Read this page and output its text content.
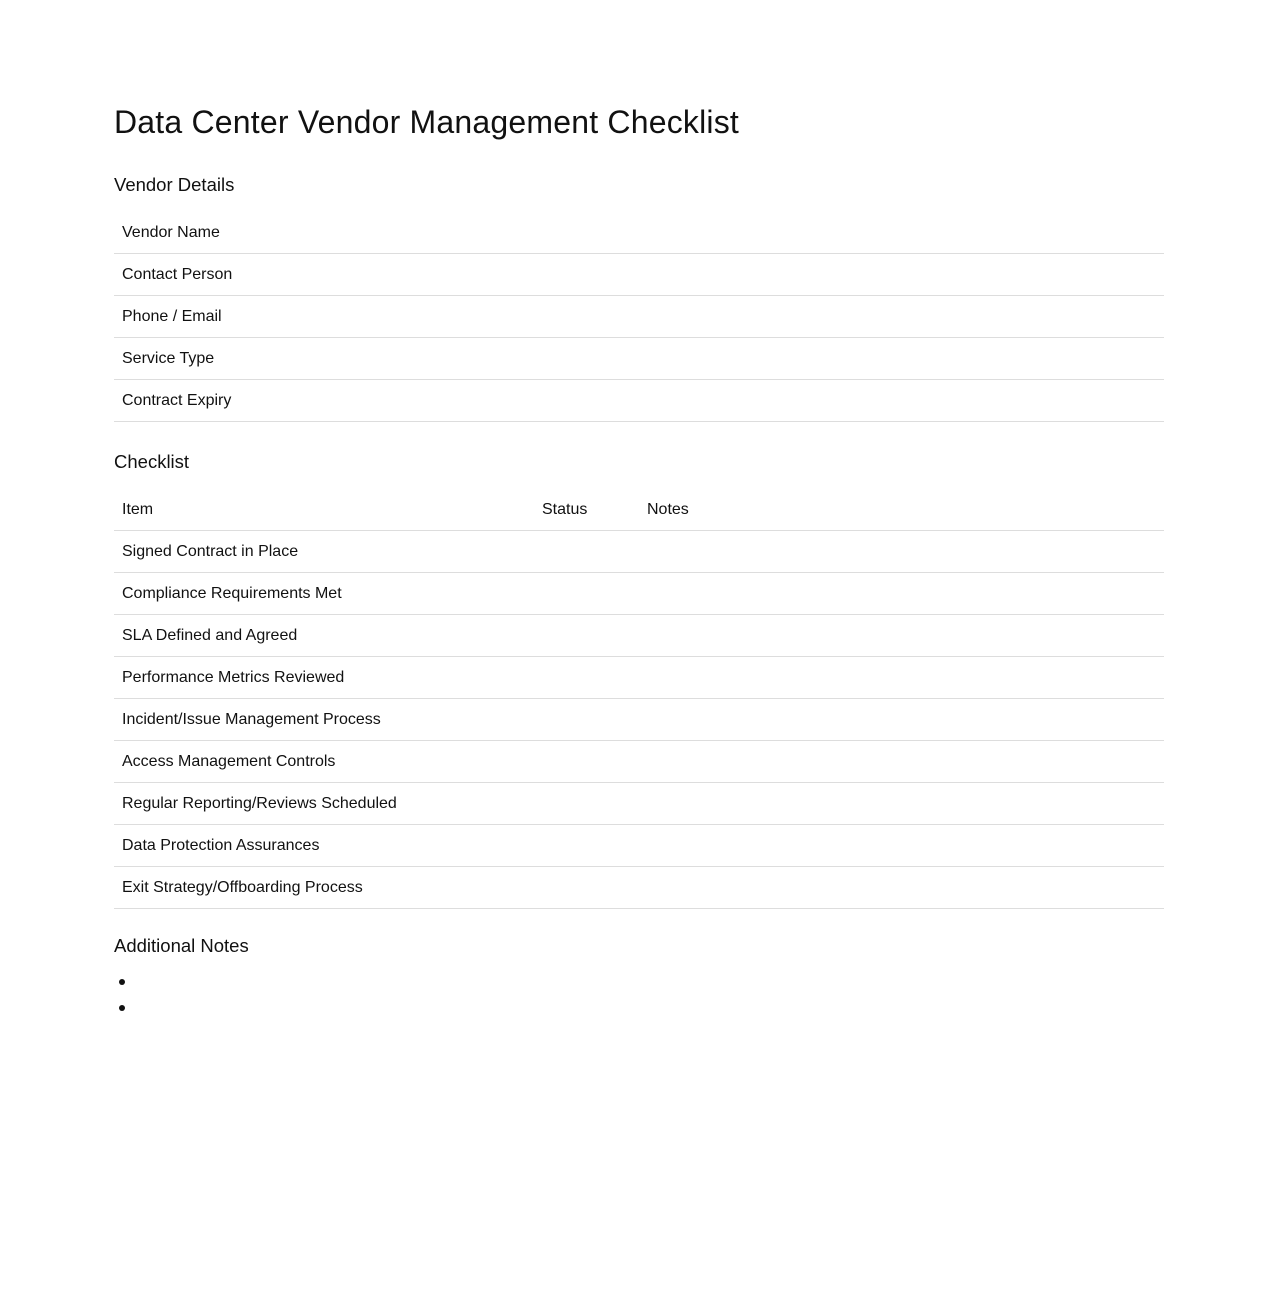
Data Center Vendor Management Checklist
Vendor Details
Vendor Name	
Contact Person	
Phone / Email	
Service Type	
Contract Expiry	
Checklist
Item	Status	Notes
Signed Contract in Place		
Compliance Requirements Met		
SLA Defined and Agreed		
Performance Metrics Reviewed		
Incident/Issue Management Process		
Access Management Controls		
Regular Reporting/Reviews Scheduled		
Data Protection Assurances		
Exit Strategy/Offboarding Process		
Additional Notes
